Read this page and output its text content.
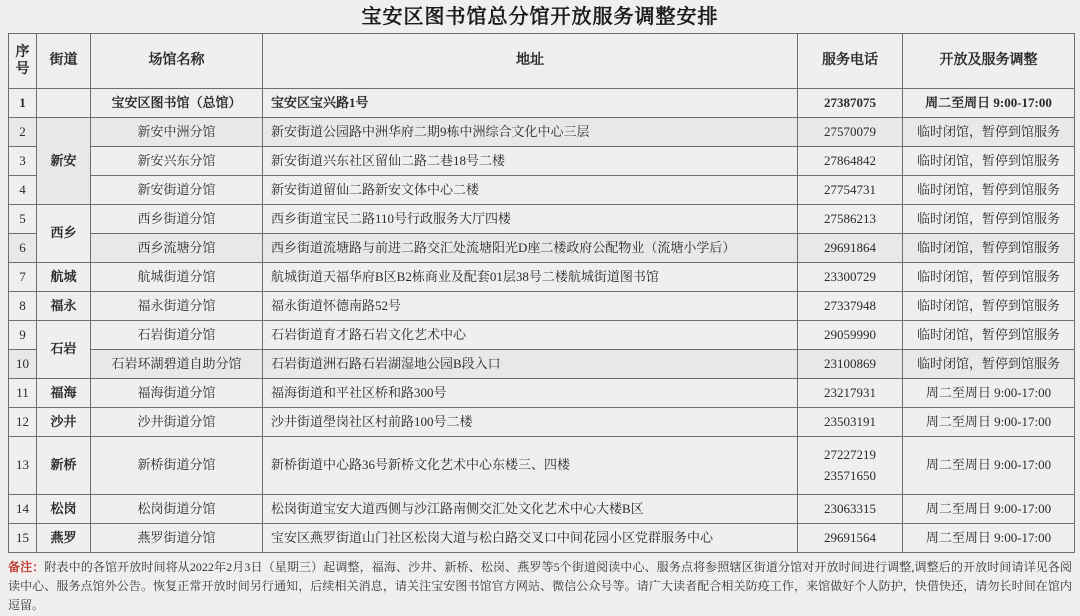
宝安区图书馆总分馆开放服务调整安排
序号	街道	场馆名称	地址	服务电话	开放及服务调整
1		宝安区图书馆（总馆）	宝安区宝兴路1号	27387075	周二至周日 9:00-17:00
2	新安	新安中洲分馆	新安街道公园路中洲华府二期9栋中洲综合文化中心三层	27570079	临时闭馆，暂停到馆服务
3		新安兴东分馆	新安街道兴东社区留仙二路二巷18号二楼	27864842	临时闭馆，暂停到馆服务
4		新安街道分馆	新安街道留仙二路新安文体中心二楼	27754731	临时闭馆，暂停到馆服务
5	西乡	西乡街道分馆	西乡街道宝民二路110号行政服务大厅四楼	27586213	临时闭馆，暂停到馆服务
6		西乡流塘分馆	西乡街道流塘路与前进二路交汇处流塘阳光D座二楼政府公配物业（流塘小学后）	29691864	临时闭馆，暂停到馆服务
7	航城	航城街道分馆	航城街道天福华府B区B2栋商业及配套01层38号二楼航城街道图书馆	23300729	临时闭馆，暂停到馆服务
8	福永	福永街道分馆	福永街道怀德南路52号	27337948	临时闭馆，暂停到馆服务
9	石岩	石岩街道分馆	石岩街道育才路石岩文化艺术中心	29059990	临时闭馆，暂停到馆服务
10		石岩环湖碧道自助分馆	石岩街道洲石路石岩湖湿地公园B段入口	23100869	临时闭馆，暂停到馆服务
11	福海	福海街道分馆	福海街道和平社区桥和路300号	23217931	周二至周日 9:00-17:00
12	沙井	沙井街道分馆	沙井街道壆岗社区村前路100号二楼	23503191	周二至周日 9:00-17:00
13	新桥	新桥街道分馆	新桥街道中心路36号新桥文化艺术中心东楼三、四楼	27227219
23571650	周二至周日 9:00-17:00
14	松岗	松岗街道分馆	松岗街道宝安大道西侧与沙江路南侧交汇处文化艺术中心大楼B区	23063315	周二至周日 9:00-17:00
15	燕罗	燕罗街道分馆	宝安区燕罗街道山门社区松岗大道与松白路交叉口中间花园小区党群服务中心	29691564	周二至周日 9:00-17:00
备注：附表中的各馆开放时间将从2022年2月3日（星期三）起调整，福海、沙井、新桥、松岗、燕罗等5个街道阅读中心、服务点将参照辖区街道分馆对开放时间进行调整,调整后的开放时间请详见各阅读中心、服务点馆外公告。恢复正常开放时间另行通知，后续相关消息，请关注宝安图书馆官方网站、微信公众号等。请广大读者配合相关防疫工作，来馆做好个人防护，快借快还，请勿长时间在馆内逗留。
